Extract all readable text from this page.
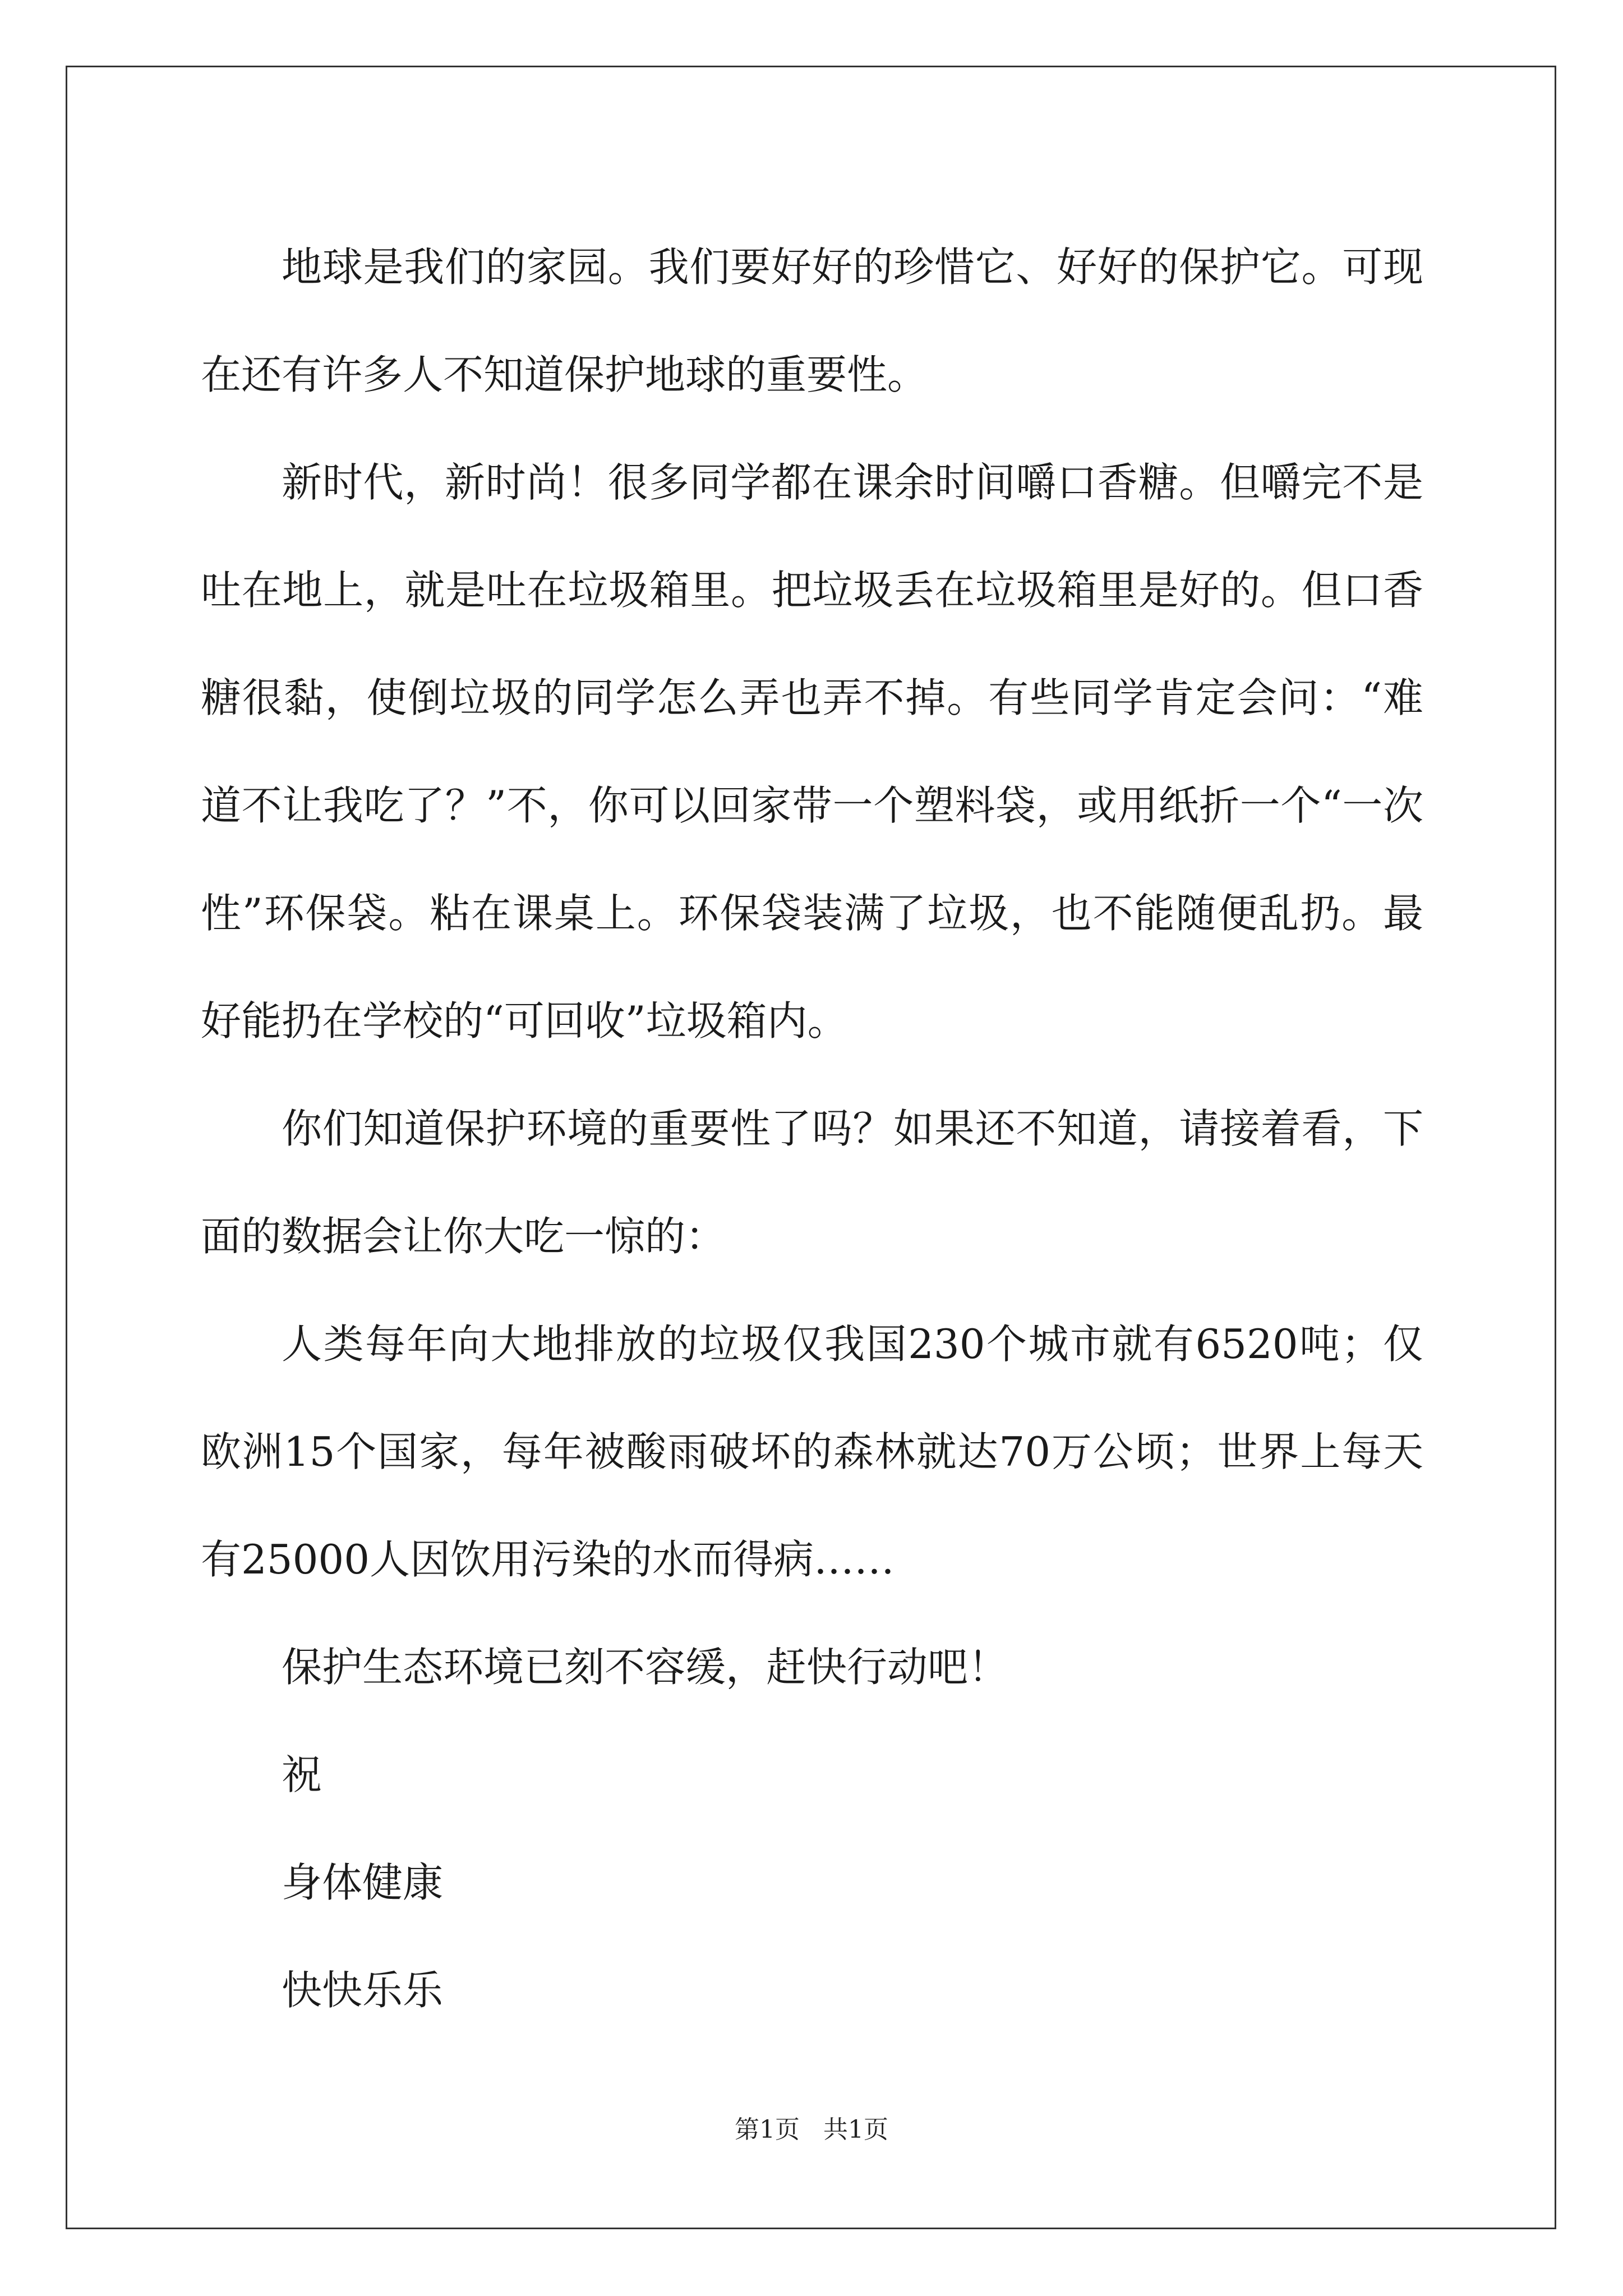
地球是我们的家园。我们要好好的珍惜它、好好的保护它。可现在还有许多人不知道保护地球的重要性。

新时代，新时尚！很多同学都在课余时间嚼口香糖。但嚼完不是吐在地上，就是吐在垃圾箱里。把垃圾丢在垃圾箱里是好的。但口香糖很黏，使倒垃圾的同学怎么弄也弄不掉。有些同学肯定会问：“难道不让我吃了？”不，你可以回家带一个塑料袋，或用纸折一个“一次性”环保袋。粘在课桌上。环保袋装满了垃圾，也不能随便乱扔。最好能扔在学校的“可回收”垃圾箱内。

你们知道保护环境的重要性了吗？如果还不知道，请接着看，下面的数据会让你大吃一惊的：

人类每年向大地排放的垃圾仅我国230个城市就有6520吨；仅欧洲15个国家，每年被酸雨破坏的森林就达70万公顷；世界上每天有25000人因饮用污染的水而得病……

保护生态环境已刻不容缓，赶快行动吧！

祝

身体健康

快快乐乐

第1页   共1页
